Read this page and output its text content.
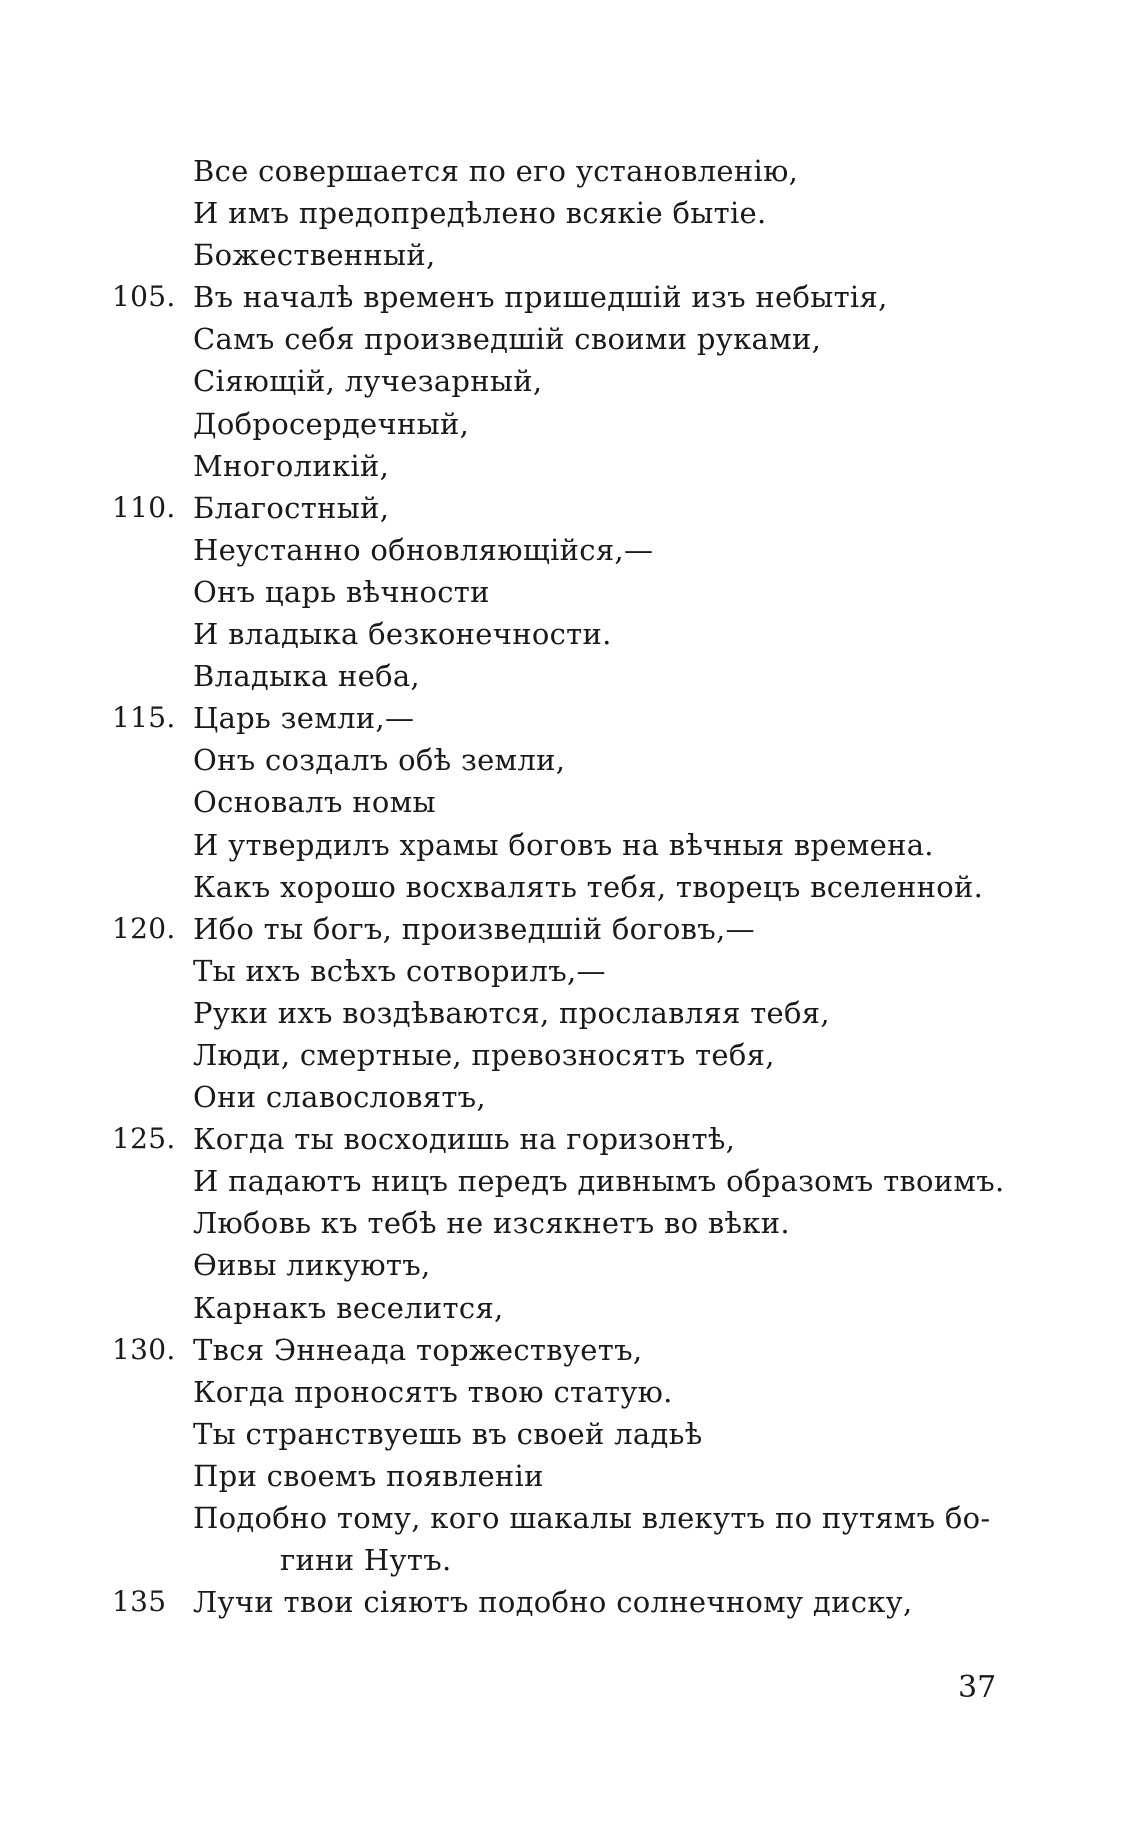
Все совершается по его установленію,
И имъ предопредѣлено всякіе бытіе.
Божественный,
105. Въ началѣ временъ пришедшій изъ небытія,
Самъ себя произведшій своими руками,
Сіяющій, лучезарный,
Добросердечный,
Многоликій,
110. Благостный,
Неустанно обновляющійся,—
Онъ царь вѣчности
И владыка безконечности.
Владыка неба,
115. Царь земли,—
Онъ создалъ обѣ земли,
Основалъ номы
И утвердилъ храмы боговъ на вѣчныя времена.
Какъ хорошо восхвалять тебя, творецъ вселенной.
120. Ибо ты богъ, произведшій боговъ,—
Ты ихъ всѣхъ сотворилъ,—
Руки ихъ воздѣваются, прославляя тебя,
Люди, смертные, превозносятъ тебя,
Они славословятъ,
125. Когда ты восходишь на горизонтѣ,
И падаютъ ницъ передъ дивнымъ образомъ твоимъ.
Любовь къ тебѣ не изсякнетъ во вѣки.
Ѳивы ликуютъ,
Карнакъ веселится,
130. Твся Эннеада торжествуетъ,
Когда проносятъ твою статую.
Ты странствуешь въ своей ладьѣ
При своемъ появленіи
Подобно тому, кого шакалы влекутъ по путямъ бо-
гини Нутъ.
135 Лучи твои сіяютъ подобно солнечному диску,
37
